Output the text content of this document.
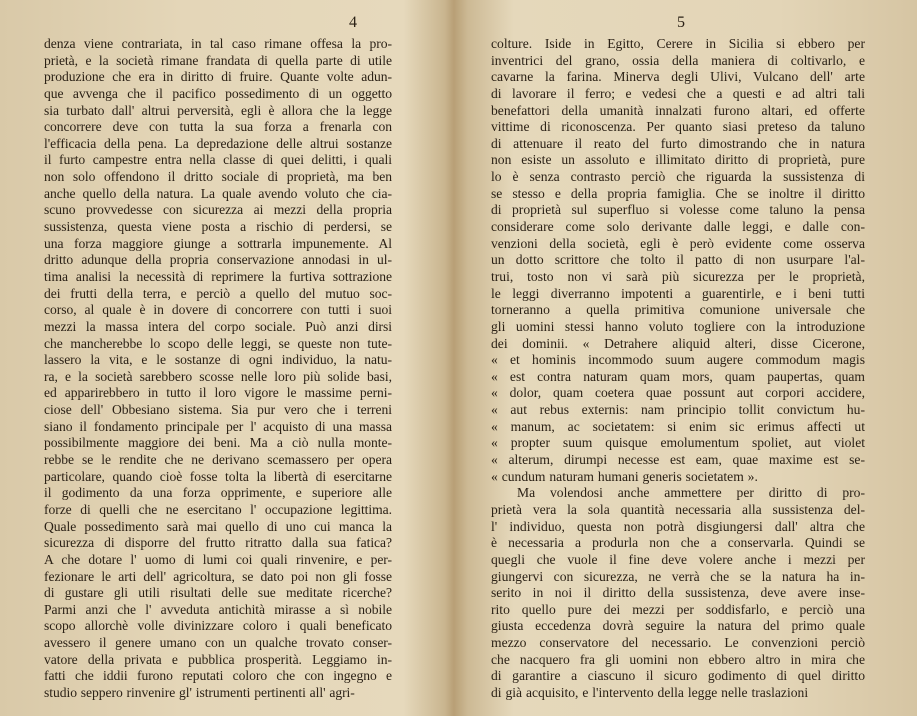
4
denza viene contrariata, in tal caso rimane offesa la pro-
prietà, e la società rimane frandata di quella parte di utile
produzione che era in diritto di fruire. Quante volte adun-
que avvenga che il pacifico possedimento di un oggetto
sia turbato dall' altrui perversità, egli è allora che la legge
concorrere deve con tutta la sua forza a frenarla con
l'efficacia della pena. La depredazione delle altrui sostanze
il furto campestre entra nella classe di quei delitti, i quali
non solo offendono il dritto sociale di proprietà, ma ben
anche quello della natura. La quale avendo voluto che cia-
scuno provvedesse con sicurezza ai mezzi della propria
sussistenza, questa viene posta a rischio di perdersi, se
una forza maggiore giunge a sottrarla impunemente. Al
dritto adunque della propria conservazione annodasi in ul-
tima analisi la necessità di reprimere la furtiva sottrazione
dei frutti della terra, e perciò a quello del mutuo soc-
corso, al quale è in dovere di concorrere con tutti i suoi
mezzi la massa intera del corpo sociale. Può anzi dirsi
che mancherebbe lo scopo delle leggi, se queste non tute-
lassero la vita, e le sostanze di ogni individuo, la natu-
ra, e la società sarebbero scosse nelle loro più solide basi,
ed apparirebbero in tutto il loro vigore le massime perni-
ciose dell' Obbesiano sistema. Sia pur vero che i terreni
siano il fondamento principale per l' acquisto di una massa
possibilmente maggiore dei beni. Ma a ciò nulla monte-
rebbe se le rendite che ne derivano scemassero per opera
particolare, quando cioè fosse tolta la libertà di esercitarne
il godimento da una forza opprimente, e superiore alle
forze di quelli che ne esercitano l' occupazione legittima.
Quale possedimento sarà mai quello di uno cui manca la
sicurezza di disporre del frutto ritratto dalla sua fatica?
A che dotare l' uomo di lumi coi quali rinvenire, e per-
fezionare le arti dell' agricoltura, se dato poi non gli fosse
di gustare gli utili risultati delle sue meditate ricerche?
Parmi anzi che l' avveduta antichità mirasse a sì nobile
scopo allorchè volle divinizzare coloro i quali beneficato
avessero il genere umano con un qualche trovato conser-
vatore della privata e pubblica prosperità. Leggiamo in-
fatti che iddii furono reputati coloro che con ingegno e
studio seppero rinvenire gl' istrumenti pertinenti all' agri-
5
colture. Iside in Egitto, Cerere in Sicilia si ebbero per
inventrici del grano, ossia della maniera di coltivarlo, e
cavarne la farina. Minerva degli Ulivi, Vulcano dell' arte
di lavorare il ferro; e vedesi che a questi e ad altri tali
benefattori della umanità innalzati furono altari, ed offerte
vittime di riconoscenza. Per quanto siasi preteso da taluno
di attenuare il reato del furto dimostrando che in natura
non esiste un assoluto e illimitato diritto di proprietà, pure
lo è senza contrasto perciò che riguarda la sussistenza di
se stesso e della propria famiglia. Che se inoltre il diritto
di proprietà sul superfluo si volesse come taluno la pensa
considerare come solo derivante dalle leggi, e dalle con-
venzioni della società, egli è però evidente come osserva
un dotto scrittore che tolto il patto di non usurpare l'al-
trui, tosto non vi sarà più sicurezza per le proprietà,
le leggi diverranno impotenti a guarentirle, e i beni tutti
torneranno a quella primitiva comunione universale che
gli uomini stessi hanno voluto togliere con la introduzione
dei dominii. « Detrahere aliquid alteri, disse Cicerone,
« et hominis incommodo suum augere commodum magis
« est contra naturam quam mors, quam paupertas, quam
« dolor, quam coetera quae possunt aut corpori accidere,
« aut rebus externis: nam principio tollit convictum hu-
« manum, ac societatem: si enim sic erimus affecti ut
« propter suum quisque emolumentum spoliet, aut violet
« alterum, dirumpi necesse est eam, quae maxime est se-
« cundum naturam humani generis societatem ».
Ma volendosi anche ammettere per diritto di pro-
prietà vera la sola quantità necessaria alla sussistenza del-
l' individuo, questa non potrà disgiungersi dall' altra che
è necessaria a produrla non che a conservarla. Quindi se
quegli che vuole il fine deve volere anche i mezzi per
giungervi con sicurezza, ne verrà che se la natura ha in-
serito in noi il diritto della sussistenza, deve avere inse-
rito quello pure dei mezzi per soddisfarlo, e perciò una
giusta eccedenza dovrà seguire la natura del primo quale
mezzo conservatore del necessario. Le convenzioni perciò
che nacquero fra gli uomini non ebbero altro in mira che
di garantire a ciascuno il sicuro godimento di quel diritto
di già acquisito, e l'intervento della legge nelle traslazioni
